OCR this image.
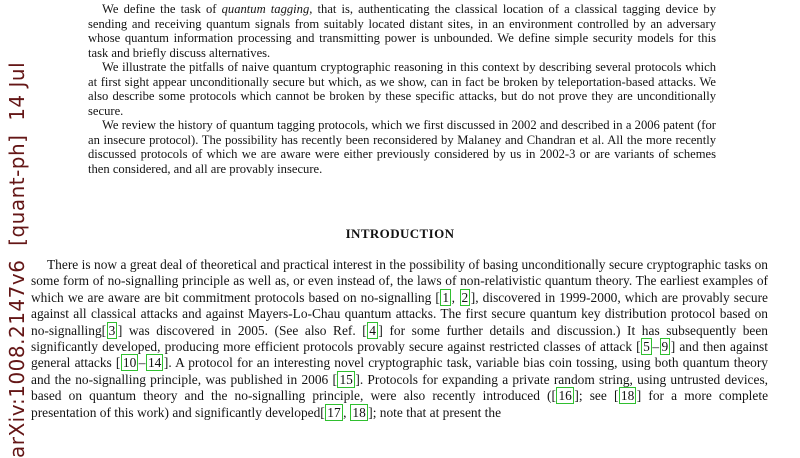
arXiv:1008.2147v6  [quant-ph]  14 Jul

We define the task of quantum tagging, that is, authenticating the classical location of a classical tagging device by sending and receiving quantum signals from suitably located distant sites, in an environment controlled by an adversary whose quantum information processing and transmitting power is unbounded. We define simple security models for this task and briefly discuss alternatives.

We illustrate the pitfalls of naive quantum cryptographic reasoning in this context by describing several protocols which at first sight appear unconditionally secure but which, as we show, can in fact be broken by teleportation-based attacks. We also describe some protocols which cannot be broken by these specific attacks, but do not prove they are unconditionally secure.

We review the history of quantum tagging protocols, which we first discussed in 2002 and described in a 2006 patent (for an insecure protocol). The possibility has recently been reconsidered by Malaney and Chandran et al. All the more recently discussed protocols of which we are aware were either previously considered by us in 2002-3 or are variants of schemes then considered, and all are provably insecure.

INTRODUCTION

There is now a great deal of theoretical and practical interest in the possibility of basing unconditionally secure cryptographic tasks on some form of no-signalling principle as well as, or even instead of, the laws of non-relativistic quantum theory. The earliest examples of which we are aware are bit commitment protocols based on no-signalling [ 1 , 2 ], discovered in 1999-2000, which are provably secure against all classical attacks and against Mayers-Lo-Chau quantum attacks. The first secure quantum key distribution protocol based on no-signalling[ 3 ] was discovered in 2005. (See also Ref. [ 4 ] for some further details and discussion.) It has subsequently been significantly developed, producing more efficient protocols provably secure against restricted classes of attack [ 5 – 9 ] and then against general attacks [ 10 – 14 ]. A protocol for an interesting novel cryptographic task, variable bias coin tossing, using both quantum theory and the no-signalling principle, was published in 2006 [ 15 ]. Protocols for expanding a private random string, using untrusted devices, based on quantum theory and the no-signalling principle, were also recently introduced ([ 16 ]; see [ 18 ] for a more complete presentation of this work) and significantly developed[ 17 , 18 ]; note that at present the
